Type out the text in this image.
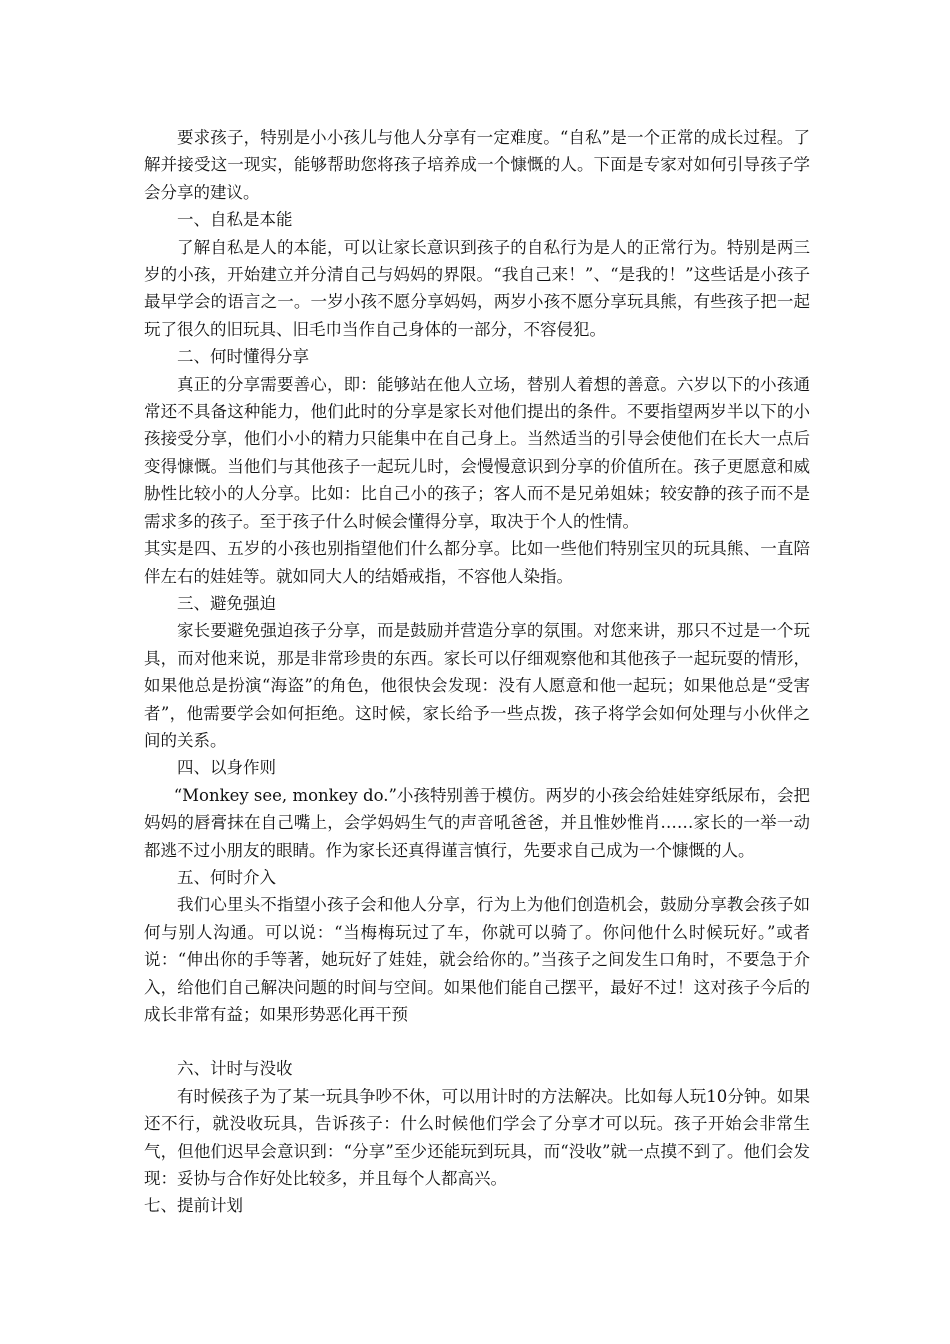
要求孩子，特别是小小孩儿与他人分享有一定难度。“自私”是一个正常的成长过程。了解并接受这一现实，能够帮助您将孩子培养成一个慷慨的人。下面是专家对如何引导孩子学会分享的建议。

一、自私是本能

了解自私是人的本能，可以让家长意识到孩子的自私行为是人的正常行为。特别是两三岁的小孩，开始建立并分清自己与妈妈的界限。“我自己来！”、“是我的！”这些话是小孩子最早学会的语言之一。一岁小孩不愿分享妈妈，两岁小孩不愿分享玩具熊，有些孩子把一起玩了很久的旧玩具、旧毛巾当作自己身体的一部分，不容侵犯。

二、何时懂得分享

真正的分享需要善心，即：能够站在他人立场，替别人着想的善意。六岁以下的小孩通常还不具备这种能力，他们此时的分享是家长对他们提出的条件。不要指望两岁半以下的小孩接受分享，他们小小的精力只能集中在自己身上。当然适当的引导会使他们在长大一点后变得慷慨。当他们与其他孩子一起玩儿时，会慢慢意识到分享的价值所在。孩子更愿意和威胁性比较小的人分享。比如：比自己小的孩子；客人而不是兄弟姐妹；较安静的孩子而不是需求多的孩子。至于孩子什么时候会懂得分享，取决于个人的性情。

其实是四、五岁的小孩也别指望他们什么都分享。比如一些他们特别宝贝的玩具熊、一直陪伴左右的娃娃等。就如同大人的结婚戒指，不容他人染指。

三、避免强迫

家长要避免强迫孩子分享，而是鼓励并营造分享的氛围。对您来讲，那只不过是一个玩具，而对他来说，那是非常珍贵的东西。家长可以仔细观察他和其他孩子一起玩耍的情形，如果他总是扮演“海盗”的角色，他很快会发现：没有人愿意和他一起玩；如果他总是“受害者”，他需要学会如何拒绝。这时候，家长给予一些点拨，孩子将学会如何处理与小伙伴之间的关系。

四、以身作则

“Monkey see, monkey do.”小孩特别善于模仿。两岁的小孩会给娃娃穿纸尿布，会把妈妈的唇膏抹在自己嘴上，会学妈妈生气的声音吼爸爸，并且惟妙惟肖……家长的一举一动都逃不过小朋友的眼睛。作为家长还真得谨言慎行，先要求自己成为一个慷慨的人。

五、何时介入

我们心里头不指望小孩子会和他人分享，行为上为他们创造机会，鼓励分享教会孩子如何与别人沟通。可以说：“当梅梅玩过了车，你就可以骑了。你问他什么时候玩好。”或者说：“伸出你的手等著，她玩好了娃娃，就会给你的。”当孩子之间发生口角时，不要急于介入，给他们自己解决问题的时间与空间。如果他们能自己摆平，最好不过！这对孩子今后的成长非常有益；如果形势恶化再干预

六、计时与没收

有时候孩子为了某一玩具争吵不休，可以用计时的方法解决。比如每人玩10分钟。如果还不行，就没收玩具，告诉孩子：什么时候他们学会了分享才可以玩。孩子开始会非常生气，但他们迟早会意识到：“分享”至少还能玩到玩具，而“没收”就一点摸不到了。他们会发现：妥协与合作好处比较多，并且每个人都高兴。

七、提前计划
